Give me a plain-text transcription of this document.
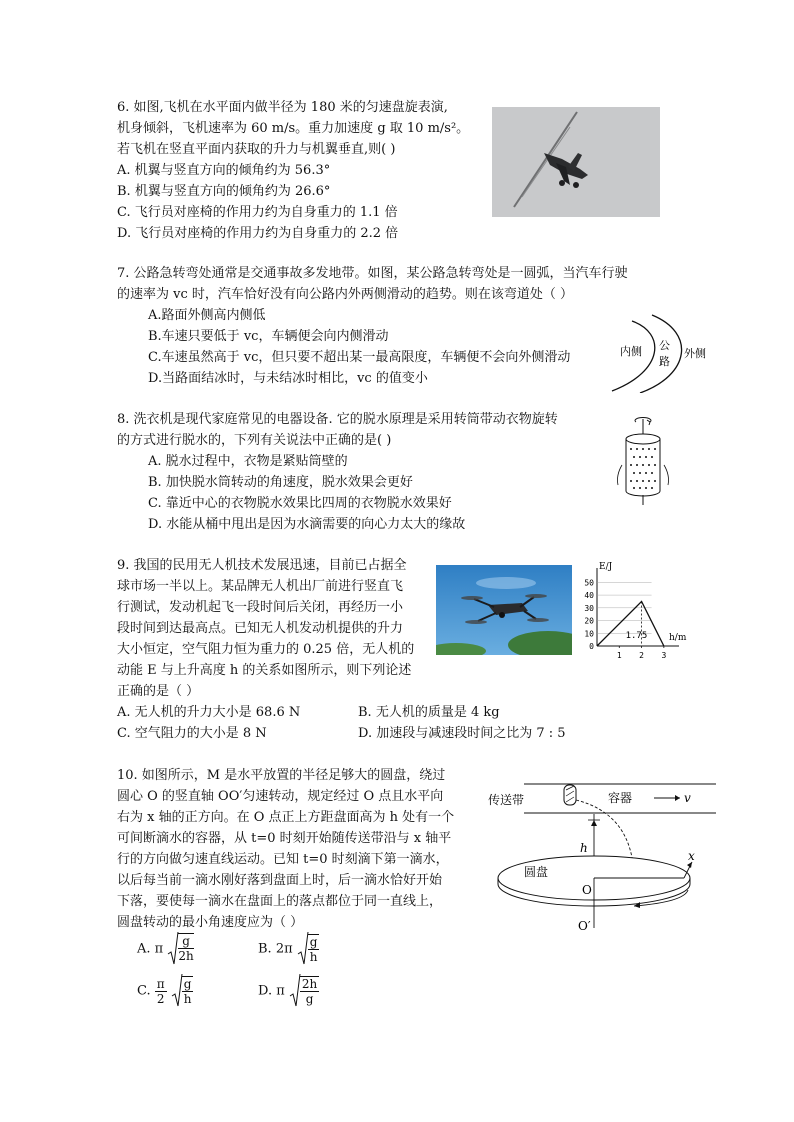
6. 如图,飞机在水平面内做半径为 180 米的匀速盘旋表演,
机身倾斜，飞机速率为 60 m/s。重力加速度 g 取 10 m/s²。
若飞机在竖直平面内获取的升力与机翼垂直,则( )
A. 机翼与竖直方向的倾角约为 56.3°
B. 机翼与竖直方向的倾角约为 26.6°
C. 飞行员对座椅的作用力约为自身重力的 1.1 倍
D. 飞行员对座椅的作用力约为自身重力的 2.2 倍
7. 公路急转弯处通常是交通事故多发地带。如图，某公路急转弯处是一圆弧，当汽车行驶
的速率为 vc 时，汽车恰好没有向公路内外两侧滑动的趋势。则在该弯道处（ ）
A.路面外侧高内侧低
B.车速只要低于 vc，车辆便会向内侧滑动
C.车速虽然高于 vc，但只要不超出某一最高限度，车辆便不会向外侧滑动
D.当路面结冰时，与未结冰时相比，vc 的值变小
内侧 公
路
外侧
8. 洗衣机是现代家庭常见的电器设备. 它的脱水原理是采用转筒带动衣物旋转
的方式进行脱水的，下列有关说法中正确的是( )
A. 脱水过程中，衣物是紧贴筒壁的
B. 加快脱水筒转动的角速度，脱水效果会更好
C. 靠近中心的衣物脱水效果比四周的衣物脱水效果好
D. 水能从桶中甩出是因为水滴需要的向心力太大的缘故
9. 我国的民用无人机技术发展迅速，目前已占据全
球市场一半以上。某品牌无人机出厂前进行竖直飞
行测试，发动机起飞一段时间后关闭，再经历一小
段时间到达最高点。已知无人机发动机提供的升力
大小恒定，空气阻力恒为重力的 0.25 倍，无人机的
动能 E 与上升高度 h 的关系如图所示，则下列论述
正确的是（ ）
A. 无人机的升力大小是 68.6 N	B. 无人机的质量是 4 kg
C. 空气阻力的大小是 8 N	D. 加速段与减速段时间之比为 7 : 5
E/J
h/m
0
10
20
30
40
50
1 2 3
1.75
10. 如图所示，M 是水平放置的半径足够大的圆盘，绕过
圆心 O 的竖直轴 OO′匀速转动，规定经过 O 点且水平向
右为 x 轴的正方向。在 O 点正上方距盘面高为 h 处有一个
可间断滴水的容器，从 t=0 时刻开始随传送带沿与 x 轴平
行的方向做匀速直线运动。已知 t=0 时刻滴下第一滴水，
以后每当前一滴水刚好落到盘面上时，后一滴水恰好开始
下落，要使每一滴水在盘面上的落点都位于同一直线上，
圆盘转动的最小角速度应为（ ）
A. π $\frac{g}{2h}$	B. $2\pi \frac{g}{h}$
C. $\frac{\pi}{2}$
$\frac{g}{h}$	D. π $\frac{2h}{g}$
传送带	容器	v
h
x
圆盘
O
O′
